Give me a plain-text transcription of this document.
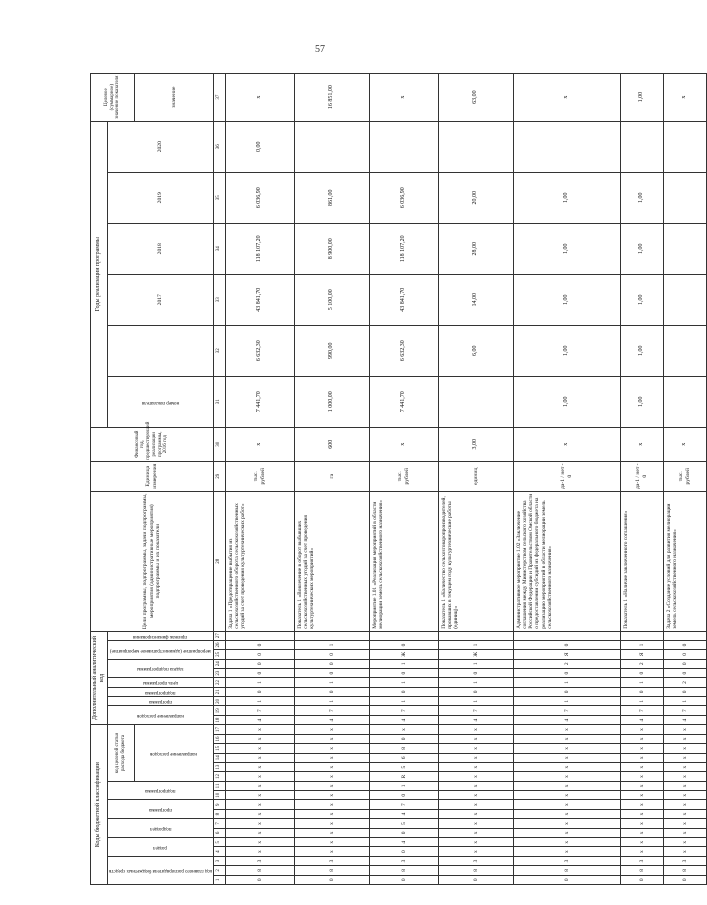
57
Коды бюджетной классификации																	Дополнительный аналитический код										Цели программы, подпрограммы, задачи подпрограммы, мероприятия (административные мероприятия) подпрограммы и их показатели	Единица измерения	Финансовый год, предшествующий реализации программы, 2016 год	Годы реализации программы						Целевое (суммарное) значение показателя	

код главного распорядителя бюджетных средств			раздел		подраздел		программа		подпрограмма		код целевой статьи расхода бюджета						направление расходов		программа	подпрограмма	цель программы	задача подпрограммы		мероприятие (административное мероприятие)		признак финансирования				номер показателя		2017	2018	2019	2020		

											направление расходов																									значение	
1	2	3	4	5	6	7	8	9	10	11	12	13	14	15	16	17	18	19	20	21	22	23	24	25	26	27	28	29	30	31	32	33	34	35	36	37	
0	8	3	х	х	х	х	х	х	х	х	х	х	х	х	х	х	4	7	1	0	1	0	0	0	0		Задача 1 «Предотвращение выбытия из сельскохозяйственного оборота сельскохозяйственных угодий за счет проведения культуртехнических работ»	тыс. рублей	х	7 441,70	6 632,30	43 841,70	118 107,20	6 036,90	0,00	х	
0	8	3	х	х	х	х	х	х	х	х	х	х	х	х	х	х	4	7	1	0	1	0	0	0	1		Показатель 1 «Вовлечение в оборот выбывших сельскохозяйственных угодий за счет проведения культуртехнических мероприятий»	га	600	1 000,00	990,00	5 100,00	8 900,00	861,00		16 851,00	
0	8	3	0	4	0	5	4	7	0	1	R	5	6	8	0	х	4	7	1	0	1	0	1	Ж	0		Мероприятие 1.01 «Реализация мероприятий в области мелиорации земель сельскохозяйственного назначения»	тыс. рублей	х	7 441,70	6 632,30	43 841,70	118 107,20	6 036,90		х	
0	8	3	х	х	х	х	х	х	х	х	х	х	х	х	х	х	4	7	1	0	1	0	1	Ж	1		Показатель 1 «Количество сельхозтоваропроизводителей, провавших в текущем году культуртехнические работы (единиц)»	единиц	3,00		6,00	14,00	28,00	20,00		63,00	
0	8	3	х	х	х	х	х	х	х	х	х	х	х	х	х	х	4	7	1	0	1	0	2	Я	0		Административное мероприятие 1.02 «Заключение соглашения между Министерством сельского хозяйства Российской Федерации и Правительством Омской области о предоставлении субсидий из федерального бюджета на реализацию мероприятий в области мелиорации земель сельскохозяйственного назначения»	да-1 / нет - 0	х	1,00	1,00	1,00	1,00	1,00		х	
0	8	3	х	х	х	х	х	х	х	х	х	х	х	х	х	х	4	7	1	0	1	0	2	Я	1		Показатель 1 «Наличие заключенного соглашения»	да-1 / нет - 0	х	1,00	1,00	1,00	1,00	1,00		1,00	
0	8	3	х	х	х	х	х	х	х	х	х	х	х	х	х	х	4	7	1	0	2	0	0	0	0		Задача 2 «Создание условий для развития мелиорации земель сельскохозяйственного назначения»	тыс. рублей	х							х	
